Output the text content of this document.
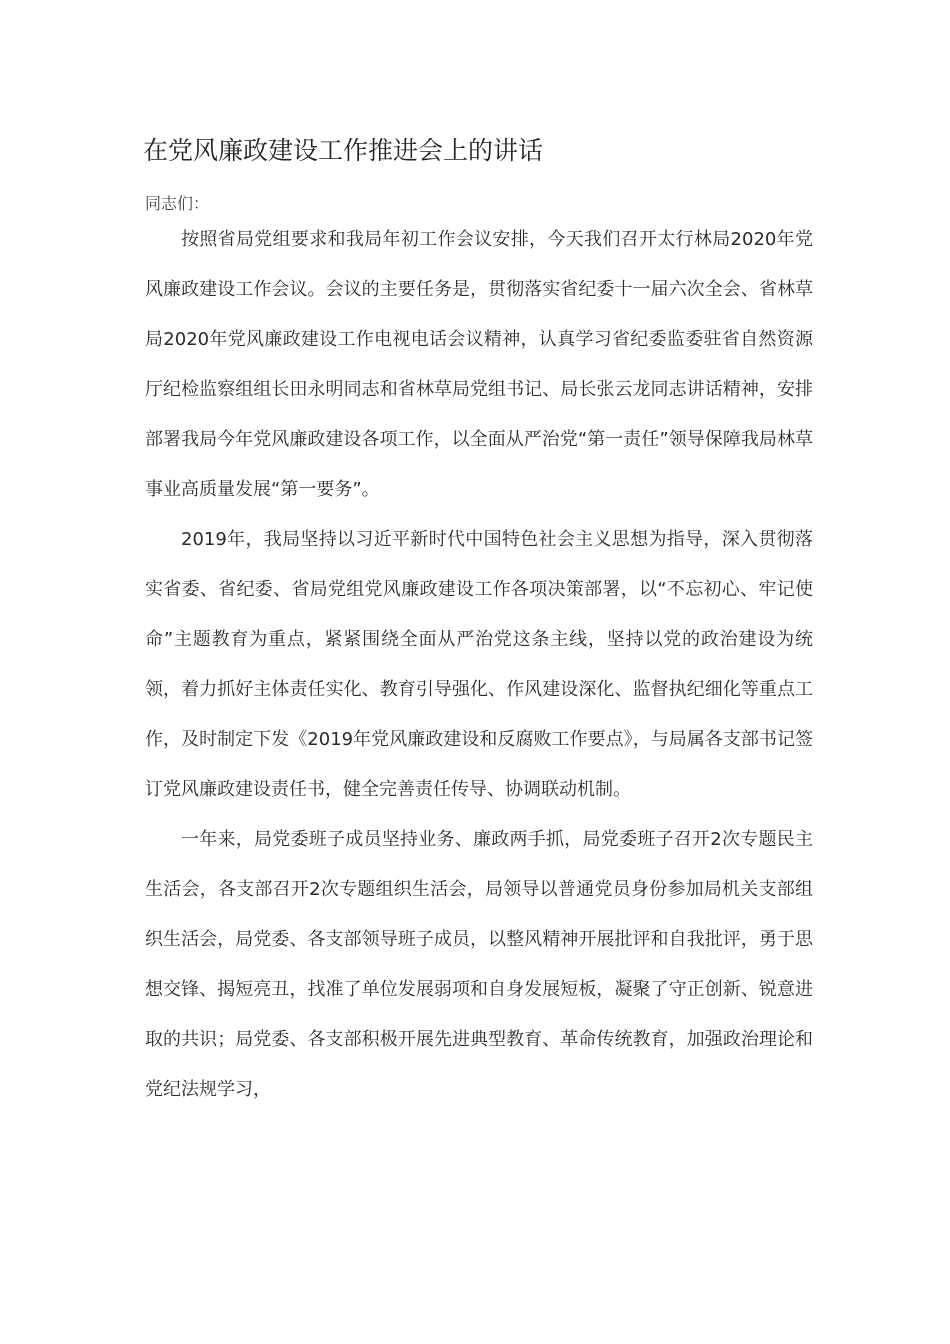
在党风廉政建设工作推进会上的讲话

同志们：

按照省局党组要求和我局年初工作会议安排，今天我们召开太行林局2020年党风廉政建设工作会议。会议的主要任务是，贯彻落实省纪委十一届六次全会、省林草局2020年党风廉政建设工作电视电话会议精神，认真学习省纪委监委驻省自然资源厅纪检监察组组长田永明同志和省林草局党组书记、局长张云龙同志讲话精神，安排部署我局今年党风廉政建设各项工作，以全面从严治党“第一责任”领导保障我局林草事业高质量发展“第一要务”。

2019年，我局坚持以习近平新时代中国特色社会主义思想为指导，深入贯彻落实省委、省纪委、省局党组党风廉政建设工作各项决策部署，以“不忘初心、牢记使命”主题教育为重点，紧紧围绕全面从严治党这条主线，坚持以党的政治建设为统领，着力抓好主体责任实化、教育引导强化、作风建设深化、监督执纪细化等重点工作，及时制定下发《2019年党风廉政建设和反腐败工作要点》，与局属各支部书记签订党风廉政建设责任书，健全完善责任传导、协调联动机制。

一年来，局党委班子成员坚持业务、廉政两手抓，局党委班子召开2次专题民主生活会，各支部召开2次专题组织生活会，局领导以普通党员身份参加局机关支部组织生活会，局党委、各支部领导班子成员，以整风精神开展批评和自我批评，勇于思想交锋、揭短亮丑，找准了单位发展弱项和自身发展短板，凝聚了守正创新、锐意进取的共识；局党委、各支部积极开展先进典型教育、革命传统教育，加强政治理论和党纪法规学习，
